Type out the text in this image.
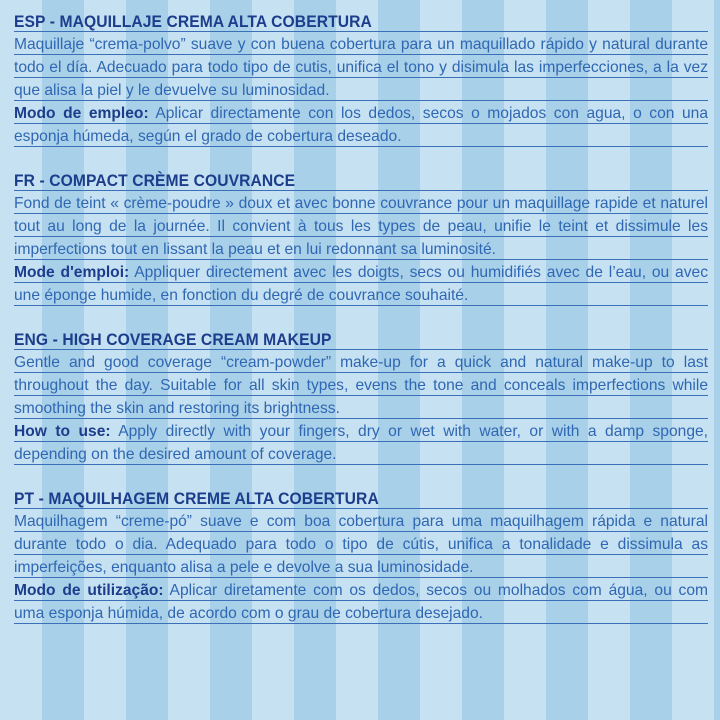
ESP - MAQUILLAJE CREMA ALTA COBERTURA

Maquillaje “crema-polvo” suave y con buena cobertura para un maquillado rápido y natural durante todo el día. Adecuado para todo tipo de cutis, unifica el tono y disimula las imperfecciones, a la vez que alisa la piel y le devuelve su luminosidad.

Modo de empleo: Aplicar directamente con los dedos, secos o mojados con agua, o con una esponja húmeda, según el grado de cobertura deseado.

FR - COMPACT CRÈME COUVRANCE

Fond de teint « crème-poudre » doux et avec bonne couvrance pour un maquillage rapide et naturel tout au long de la journée. Il convient à tous les types de peau, unifie le teint et dissimule les imperfections tout en lissant la peau et en lui redonnant sa luminosité.

Mode d'emploi: Appliquer directement avec les doigts, secs ou humidifiés avec de l’eau, ou avec une éponge humide, en fonction du degré de couvrance souhaité.

ENG - HIGH COVERAGE CREAM MAKEUP

Gentle and good coverage “cream-powder” make-up for a quick and natural make-up to last throughout the day. Suitable for all skin types, evens the tone and conceals imperfections while smoothing the skin and restoring its brightness.

How to use: Apply directly with your fingers, dry or wet with water, or with a damp sponge, depending on the desired amount of coverage.

PT - MAQUILHAGEM CREME ALTA COBERTURA

Maquilhagem “creme-pó” suave e com boa cobertura para uma maquilhagem rápida e natural durante todo o dia. Adequado para todo o tipo de cútis, unifica a tonalidade e dissimula as imperfeições, enquanto alisa a pele e devolve a sua luminosidade.

Modo de utilização: Aplicar diretamente com os dedos, secos ou molhados com água, ou com uma esponja húmida, de acordo com o grau de cobertura desejado.
